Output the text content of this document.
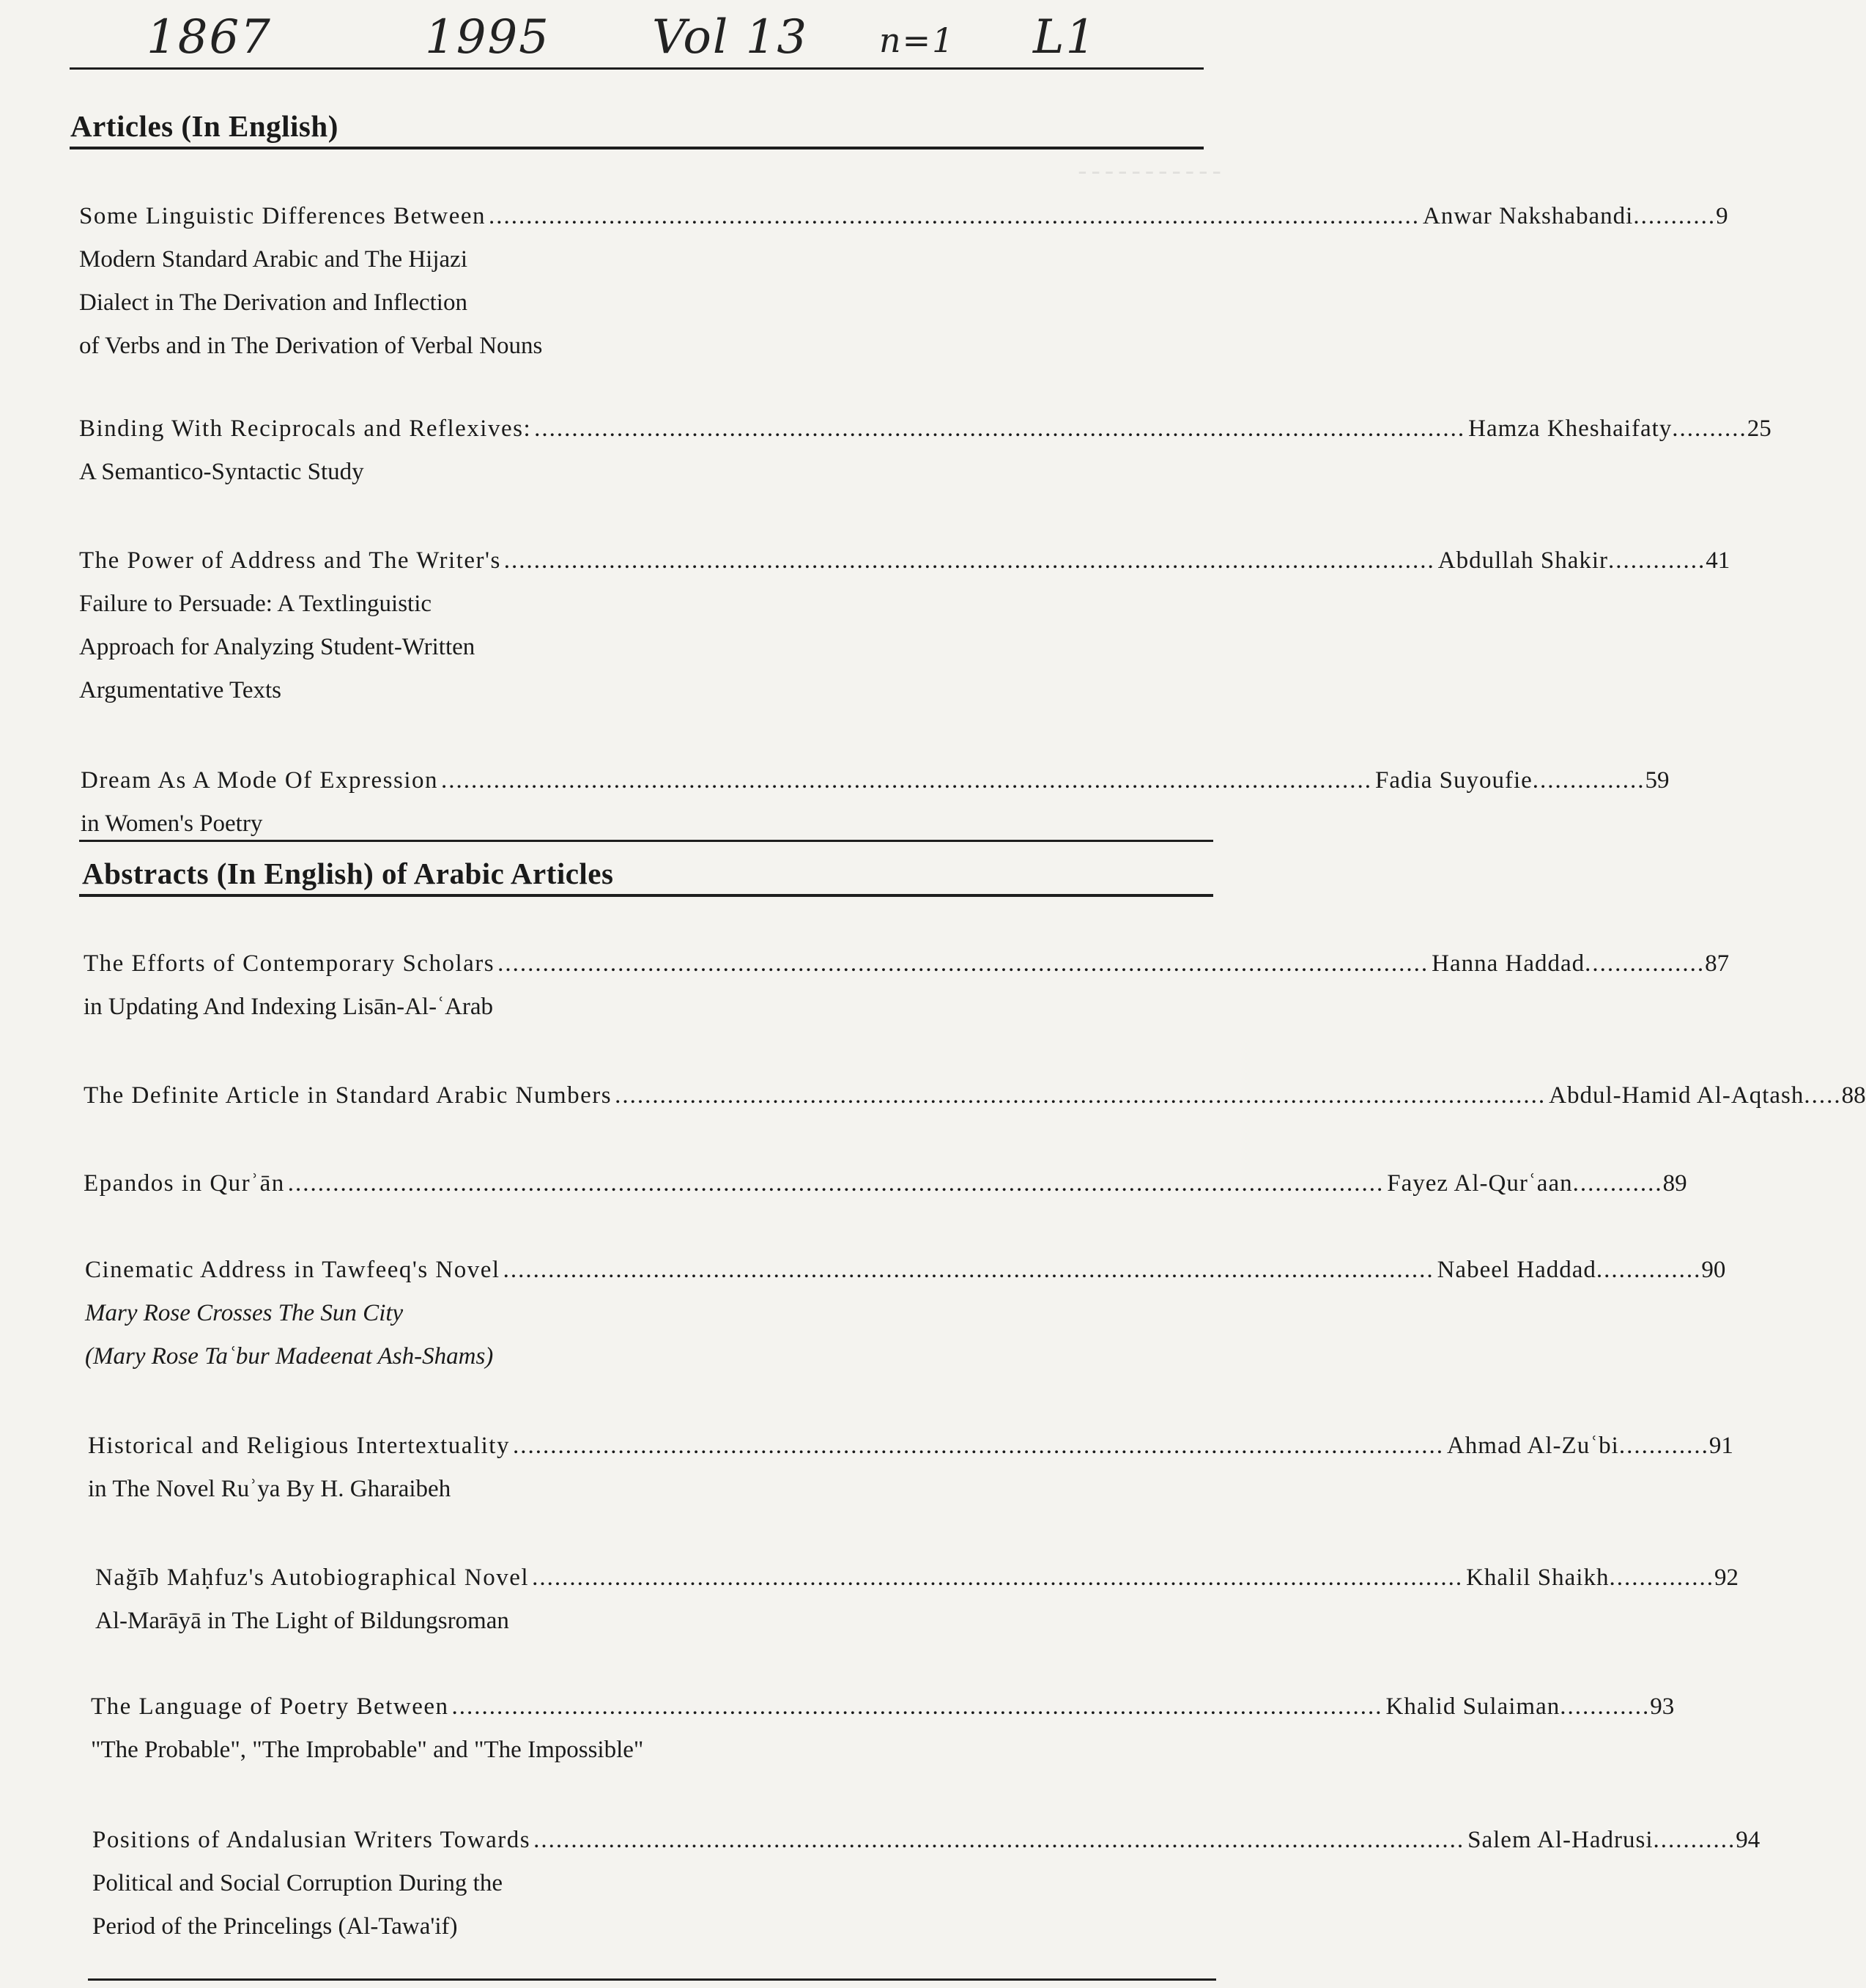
1867	1995 Vol 13 n=1 L1
ـ ـ ـ ـ ـ ـ ـ ـ ـ ـ ـ
Articles (In English)
Some Linguistic Differences Between ............................................................................................................................ Anwar Nakshabandi ........... 9
Modern Standard Arabic and The Hijazi
Dialect in The Derivation and Inflection
of Verbs and in The Derivation of Verbal Nouns
Binding With Reciprocals and Reflexives: ............................................................................................................................ Hamza Kheshaifaty .......... 25
A Semantico-Syntactic Study
The Power of Address and The Writer's ............................................................................................................................ Abdullah Shakir ............. 41
Failure to Persuade: A Textlinguistic
Approach for Analyzing Student-Written
Argumentative Texts
Dream As A Mode Of Expression ............................................................................................................................ Fadia Suyoufie ............... 59
in Women's Poetry
Abstracts (In English) of Arabic Articles
The Efforts of Contemporary Scholars ............................................................................................................................ Hanna Haddad ................ 87
in Updating And Indexing Lisān-Al-ʿArab
The Definite Article in Standard Arabic Numbers ............................................................................................................................ Abdul-Hamid Al-Aqtash ..... 88
Epandos in Qurʾān .................................................................................................................................................. Fayez Al-Qurʿaan ............ 89
Cinematic Address in Tawfeeq's Novel ............................................................................................................................ Nabeel Haddad .............. 90
Mary Rose Crosses The Sun City
(Mary Rose Taʿbur Madeenat Ash-Shams)
Historical and Religious Intertextuality ............................................................................................................................ Ahmad Al-Zuʿbi ............ 91
in The Novel Ruʾya By H. Gharaibeh
Nağīb Maḥfuz's Autobiographical Novel ............................................................................................................................ Khalil Shaikh .............. 92
Al-Marāyā in The Light of Bildungsroman
The Language of Poetry Between ............................................................................................................................ Khalid Sulaiman ............ 93
"The Probable", "The Improbable" and "The Impossible"
Positions of Andalusian Writers Towards ............................................................................................................................ Salem Al-Hadrusi ........... 94
Political and Social Corruption During the
Period of the Princelings (Al-Tawa'if)
